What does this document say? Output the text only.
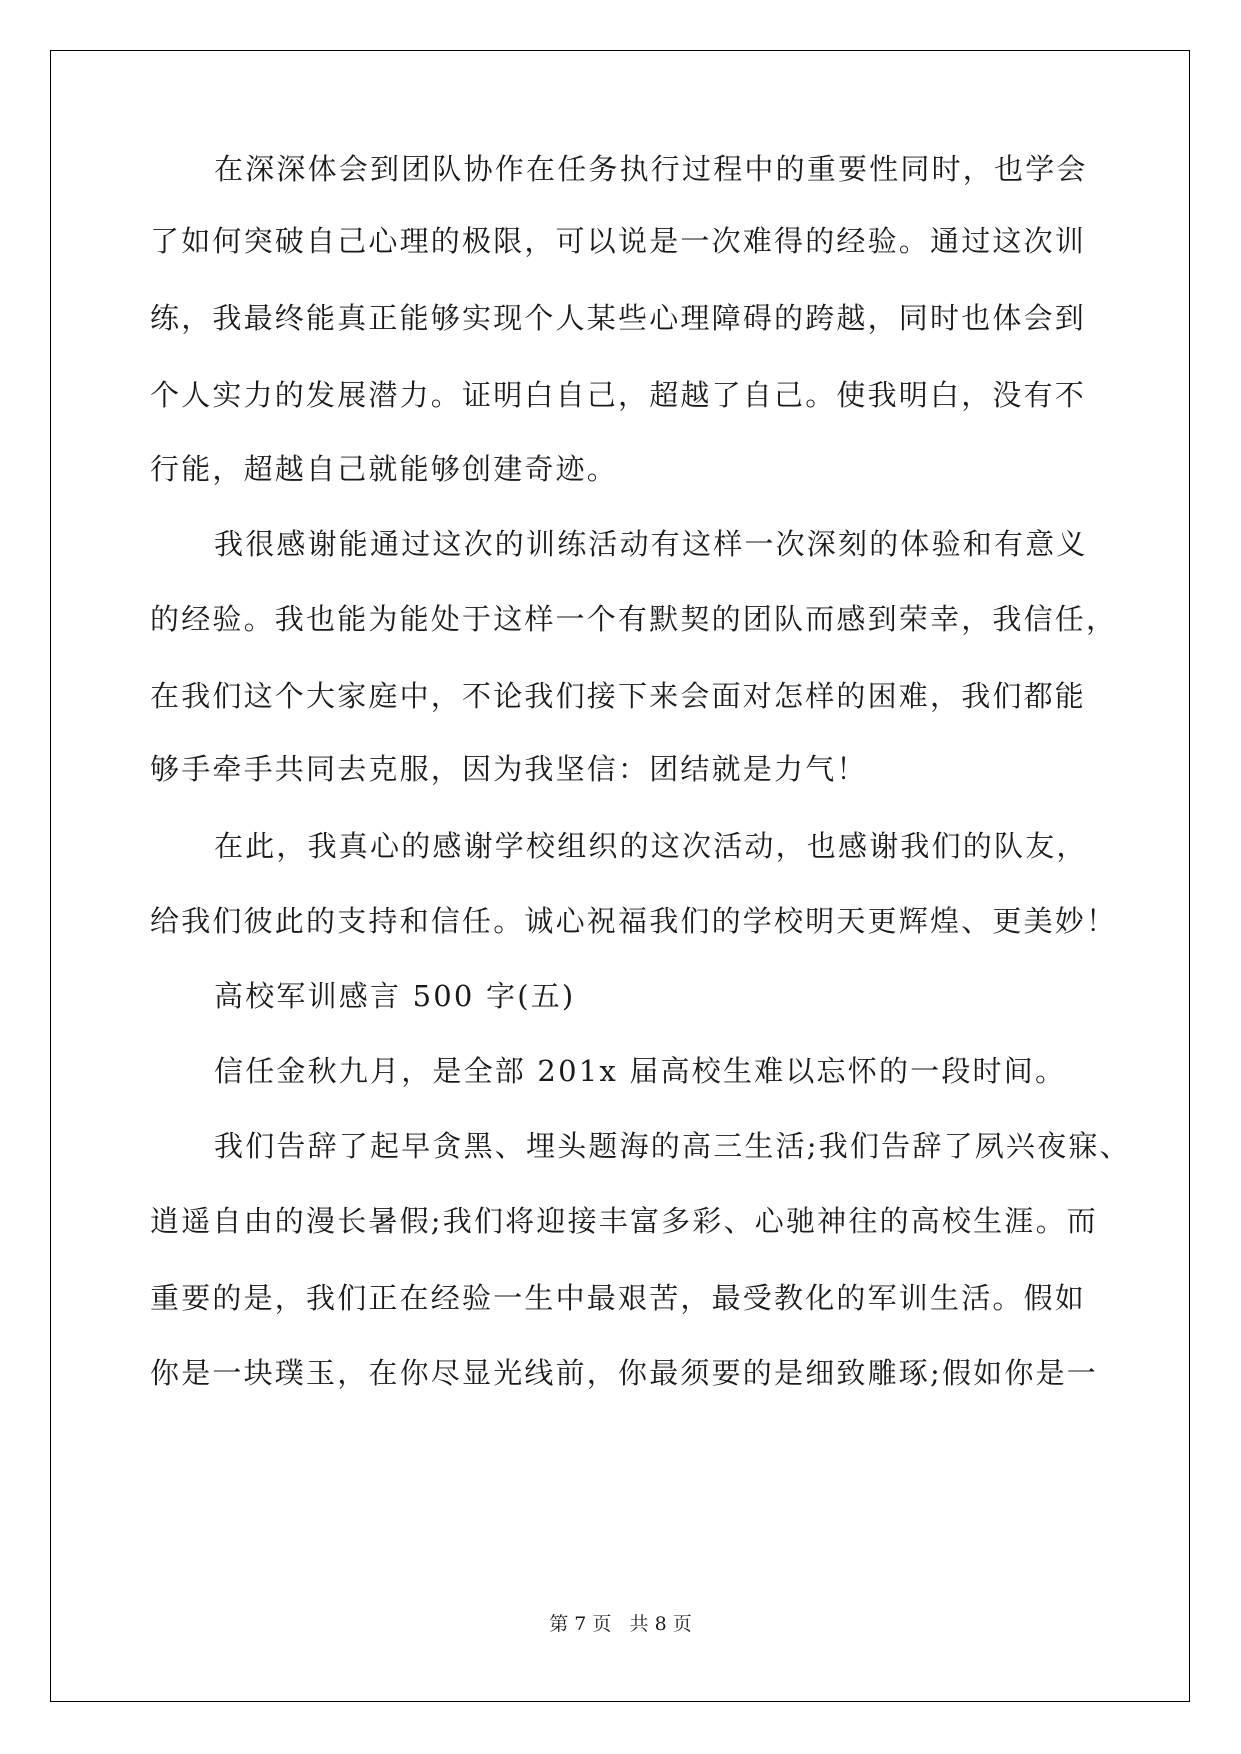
在深深体会到团队协作在任务执行过程中的重要性同时，也学会
了如何突破自己心理的极限，可以说是一次难得的经验。通过这次训
练，我最终能真正能够实现个人某些心理障碍的跨越，同时也体会到
个人实力的发展潜力。证明白自己，超越了自己。使我明白，没有不
行能，超越自己就能够创建奇迹。
我很感谢能通过这次的训练活动有这样一次深刻的体验和有意义
的经验。我也能为能处于这样一个有默契的团队而感到荣幸，我信任，
在我们这个大家庭中，不论我们接下来会面对怎样的困难，我们都能
够手牵手共同去克服，因为我坚信：团结就是力气！
在此，我真心的感谢学校组织的这次活动，也感谢我们的队友，
给我们彼此的支持和信任。诚心祝福我们的学校明天更辉煌、更美妙！
高校军训感言 500 字(五)
信任金秋九月，是全部 201x 届高校生难以忘怀的一段时间。
我们告辞了起早贪黑、埋头题海的高三生活;我们告辞了夙兴夜寐、
逍遥自由的漫长暑假;我们将迎接丰富多彩、心驰神往的高校生涯。而
重要的是，我们正在经验一生中最艰苦，最受教化的军训生活。假如
你是一块璞玉，在你尽显光线前，你最须要的是细致雕琢;假如你是一
第 7 页   共 8 页
